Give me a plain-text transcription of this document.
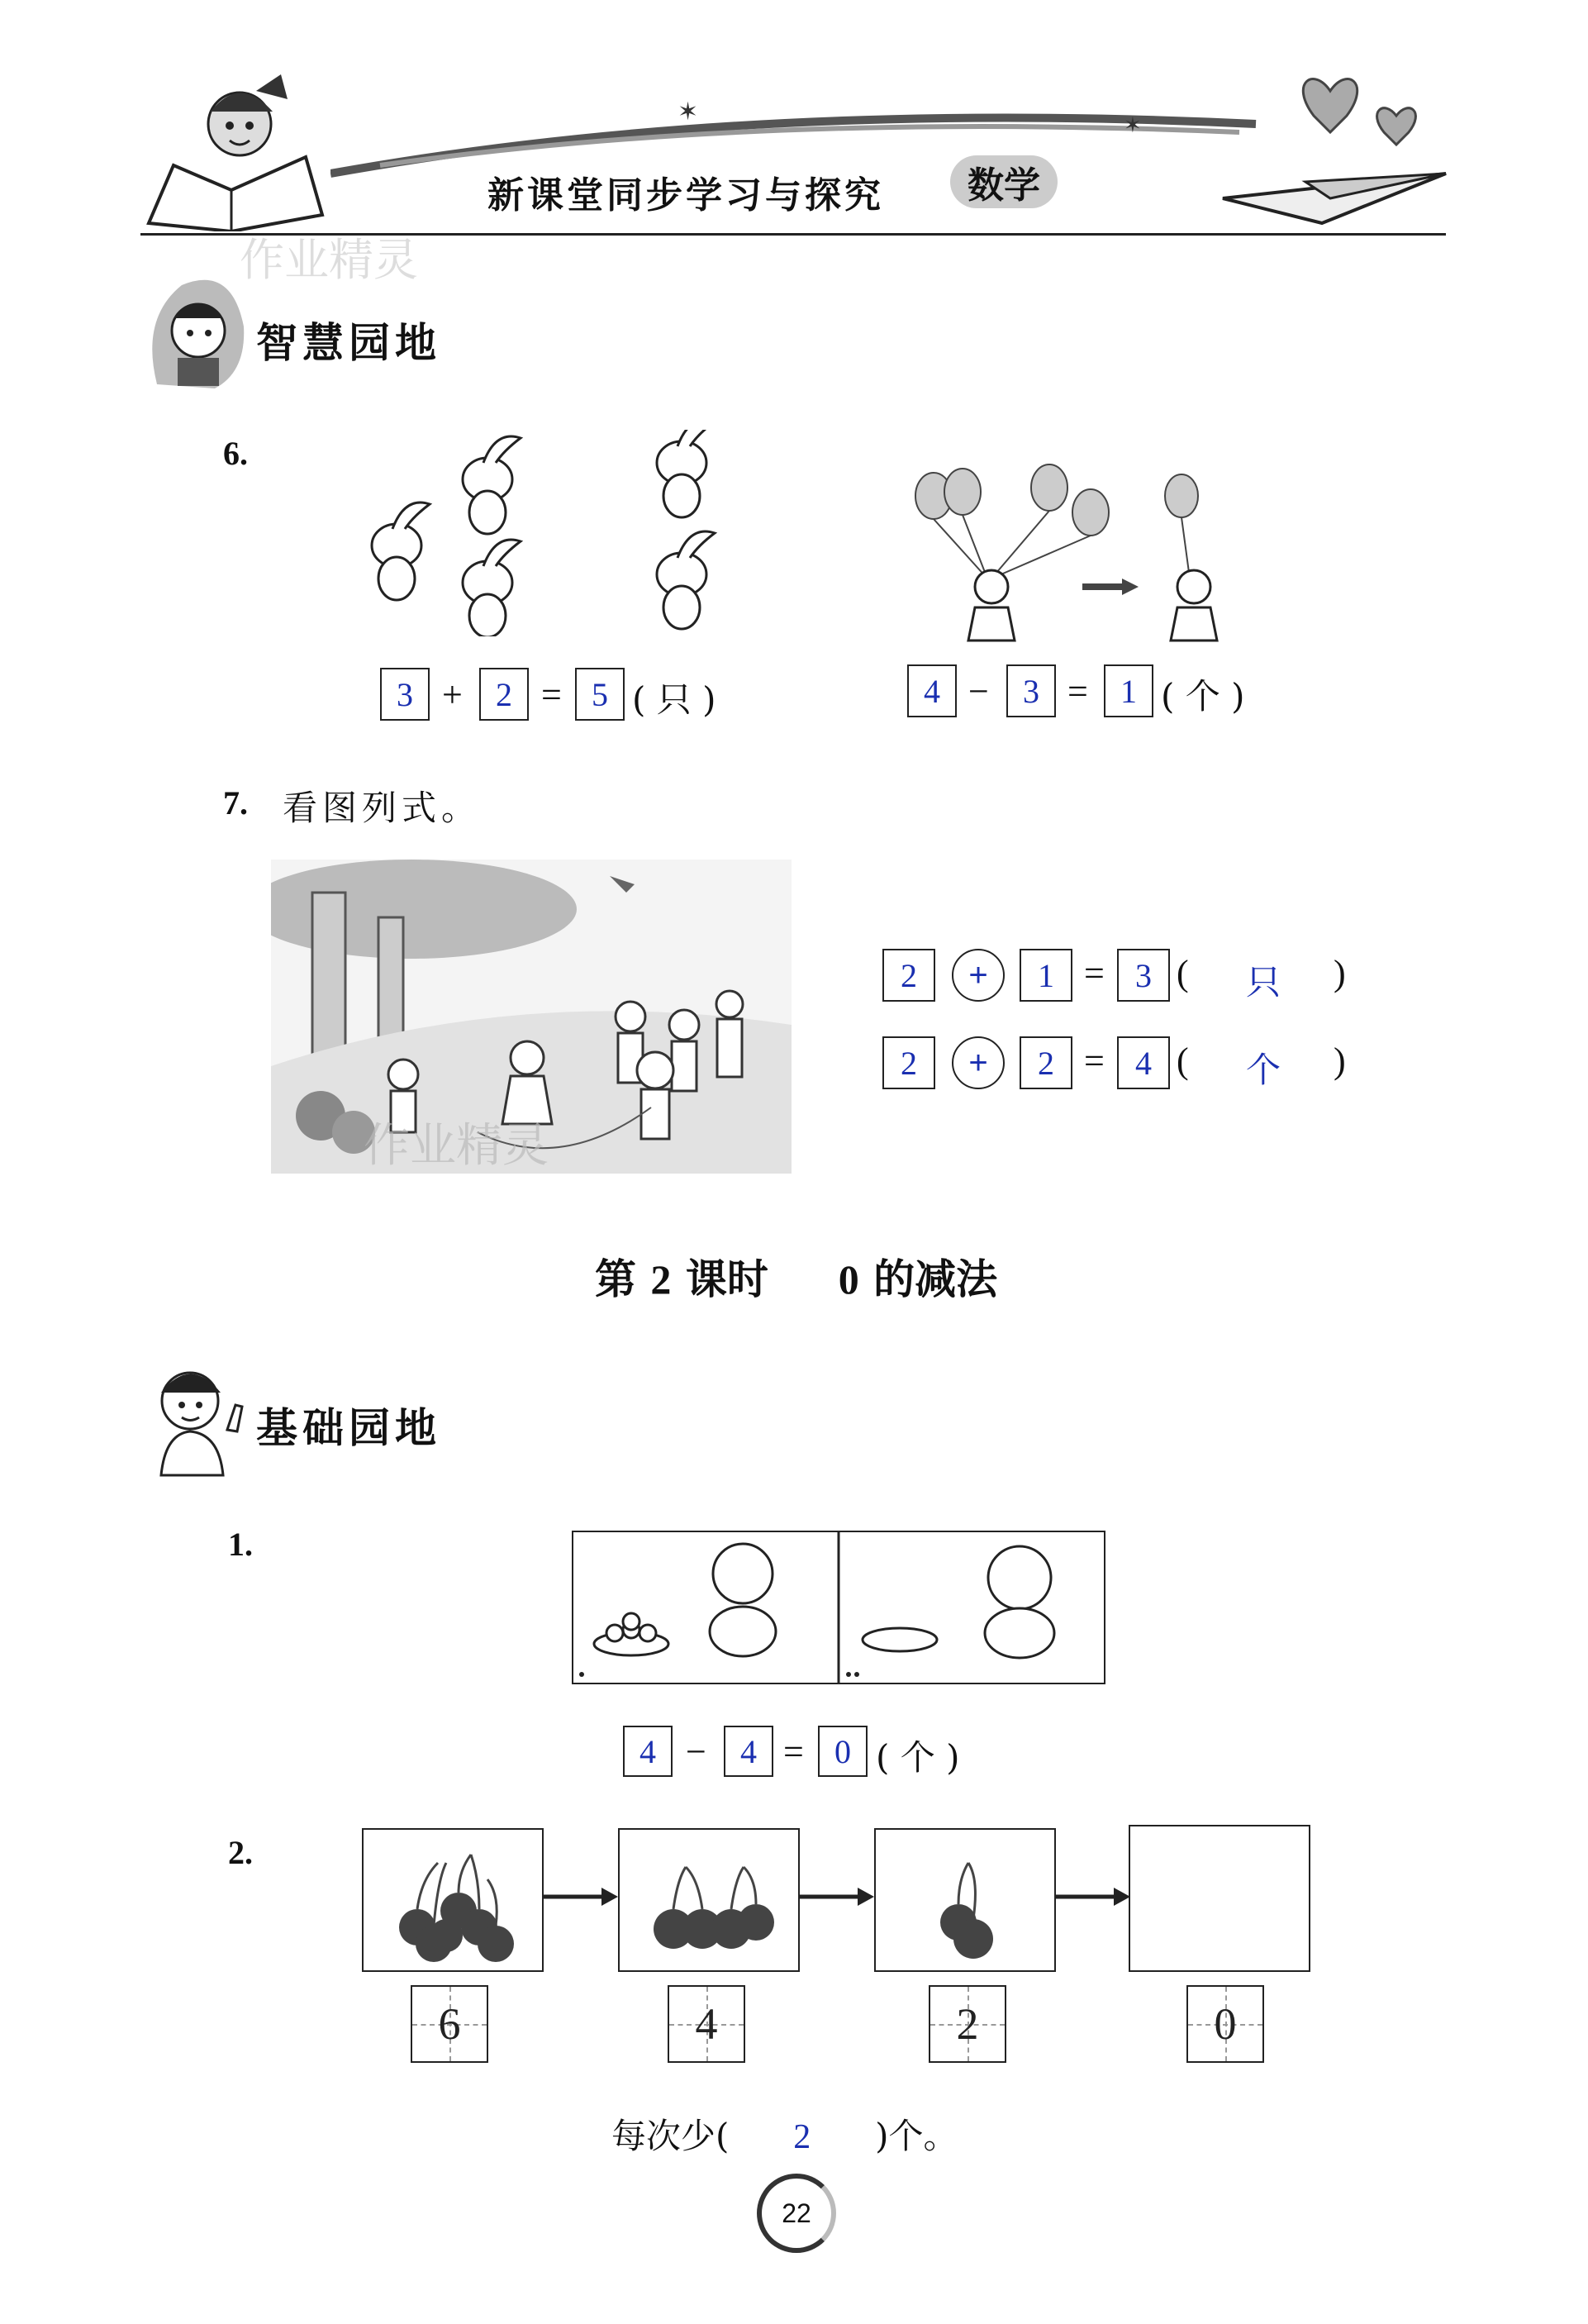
✶	✶
新课堂同步学习与探究 数学
作业精灵
智慧园地
6.
3 +	2 = 5 ( 只 )	4 −	3 = 1 ( 个 )
7. 看图列式。
作业精灵
2	+	1 = 3 ( 只 )
2	+	2 = 4 ( 个 )
第 2 课时 0 的减法
基础园地
1.
4 −	4 = 0 ( 个 )
2.
6	4	2	0
每次少( 2 )个。
22
